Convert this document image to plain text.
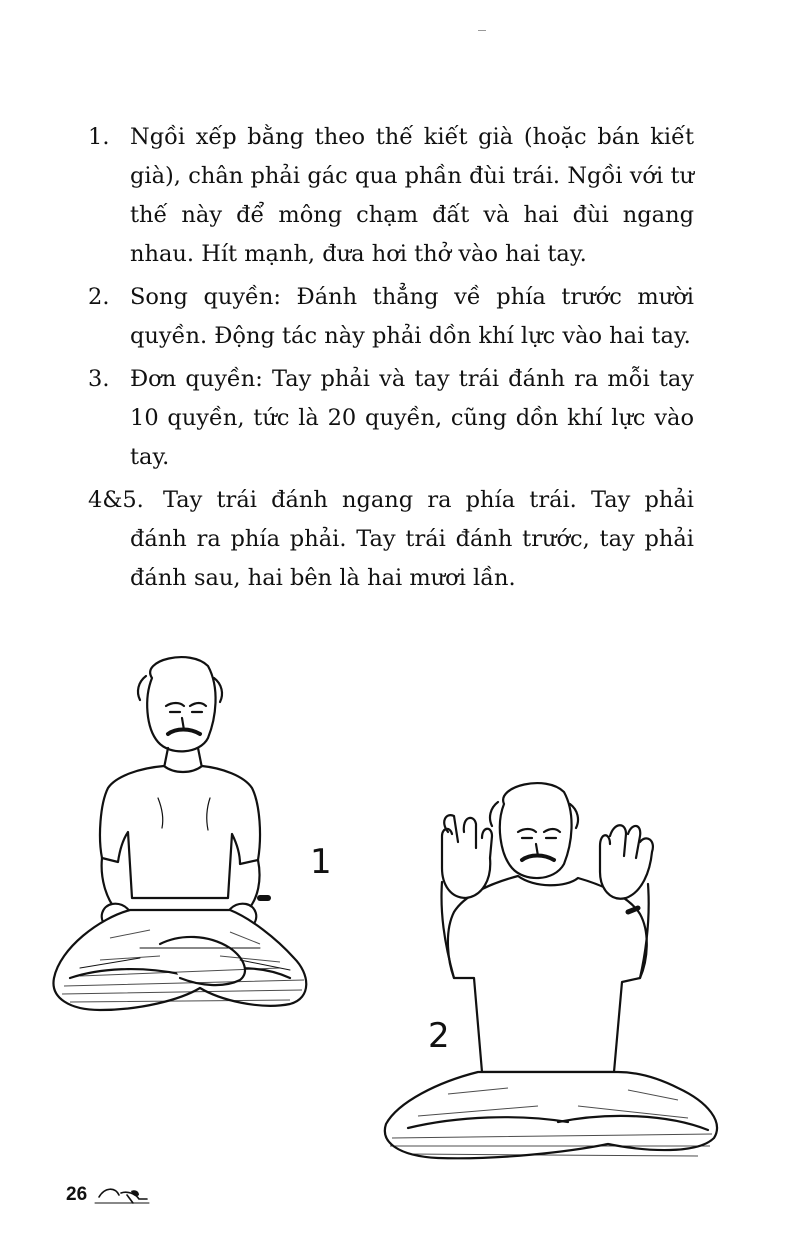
1. Ngồi xếp bằng theo thế kiết già (hoặc bán kiết già), chân phải gác qua phần đùi trái. Ngồi với tư thế này để mông chạm đất và hai đùi ngang nhau. Hít mạnh, đưa hơi thở vào hai tay.
2. Song quyền: Đánh thẳng về phía trước mười quyền. Động tác này phải dồn khí lực vào hai tay.
3. Đơn quyền: Tay phải và tay trái đánh ra mỗi tay 10 quyền, tức là 20 quyền, cũng dồn khí lực vào tay.
4&5. Tay trái đánh ngang ra phía trái. Tay phải đánh ra phía phải. Tay trái đánh trước, tay phải đánh sau, hai bên là hai mươi lần.
1
2
26
